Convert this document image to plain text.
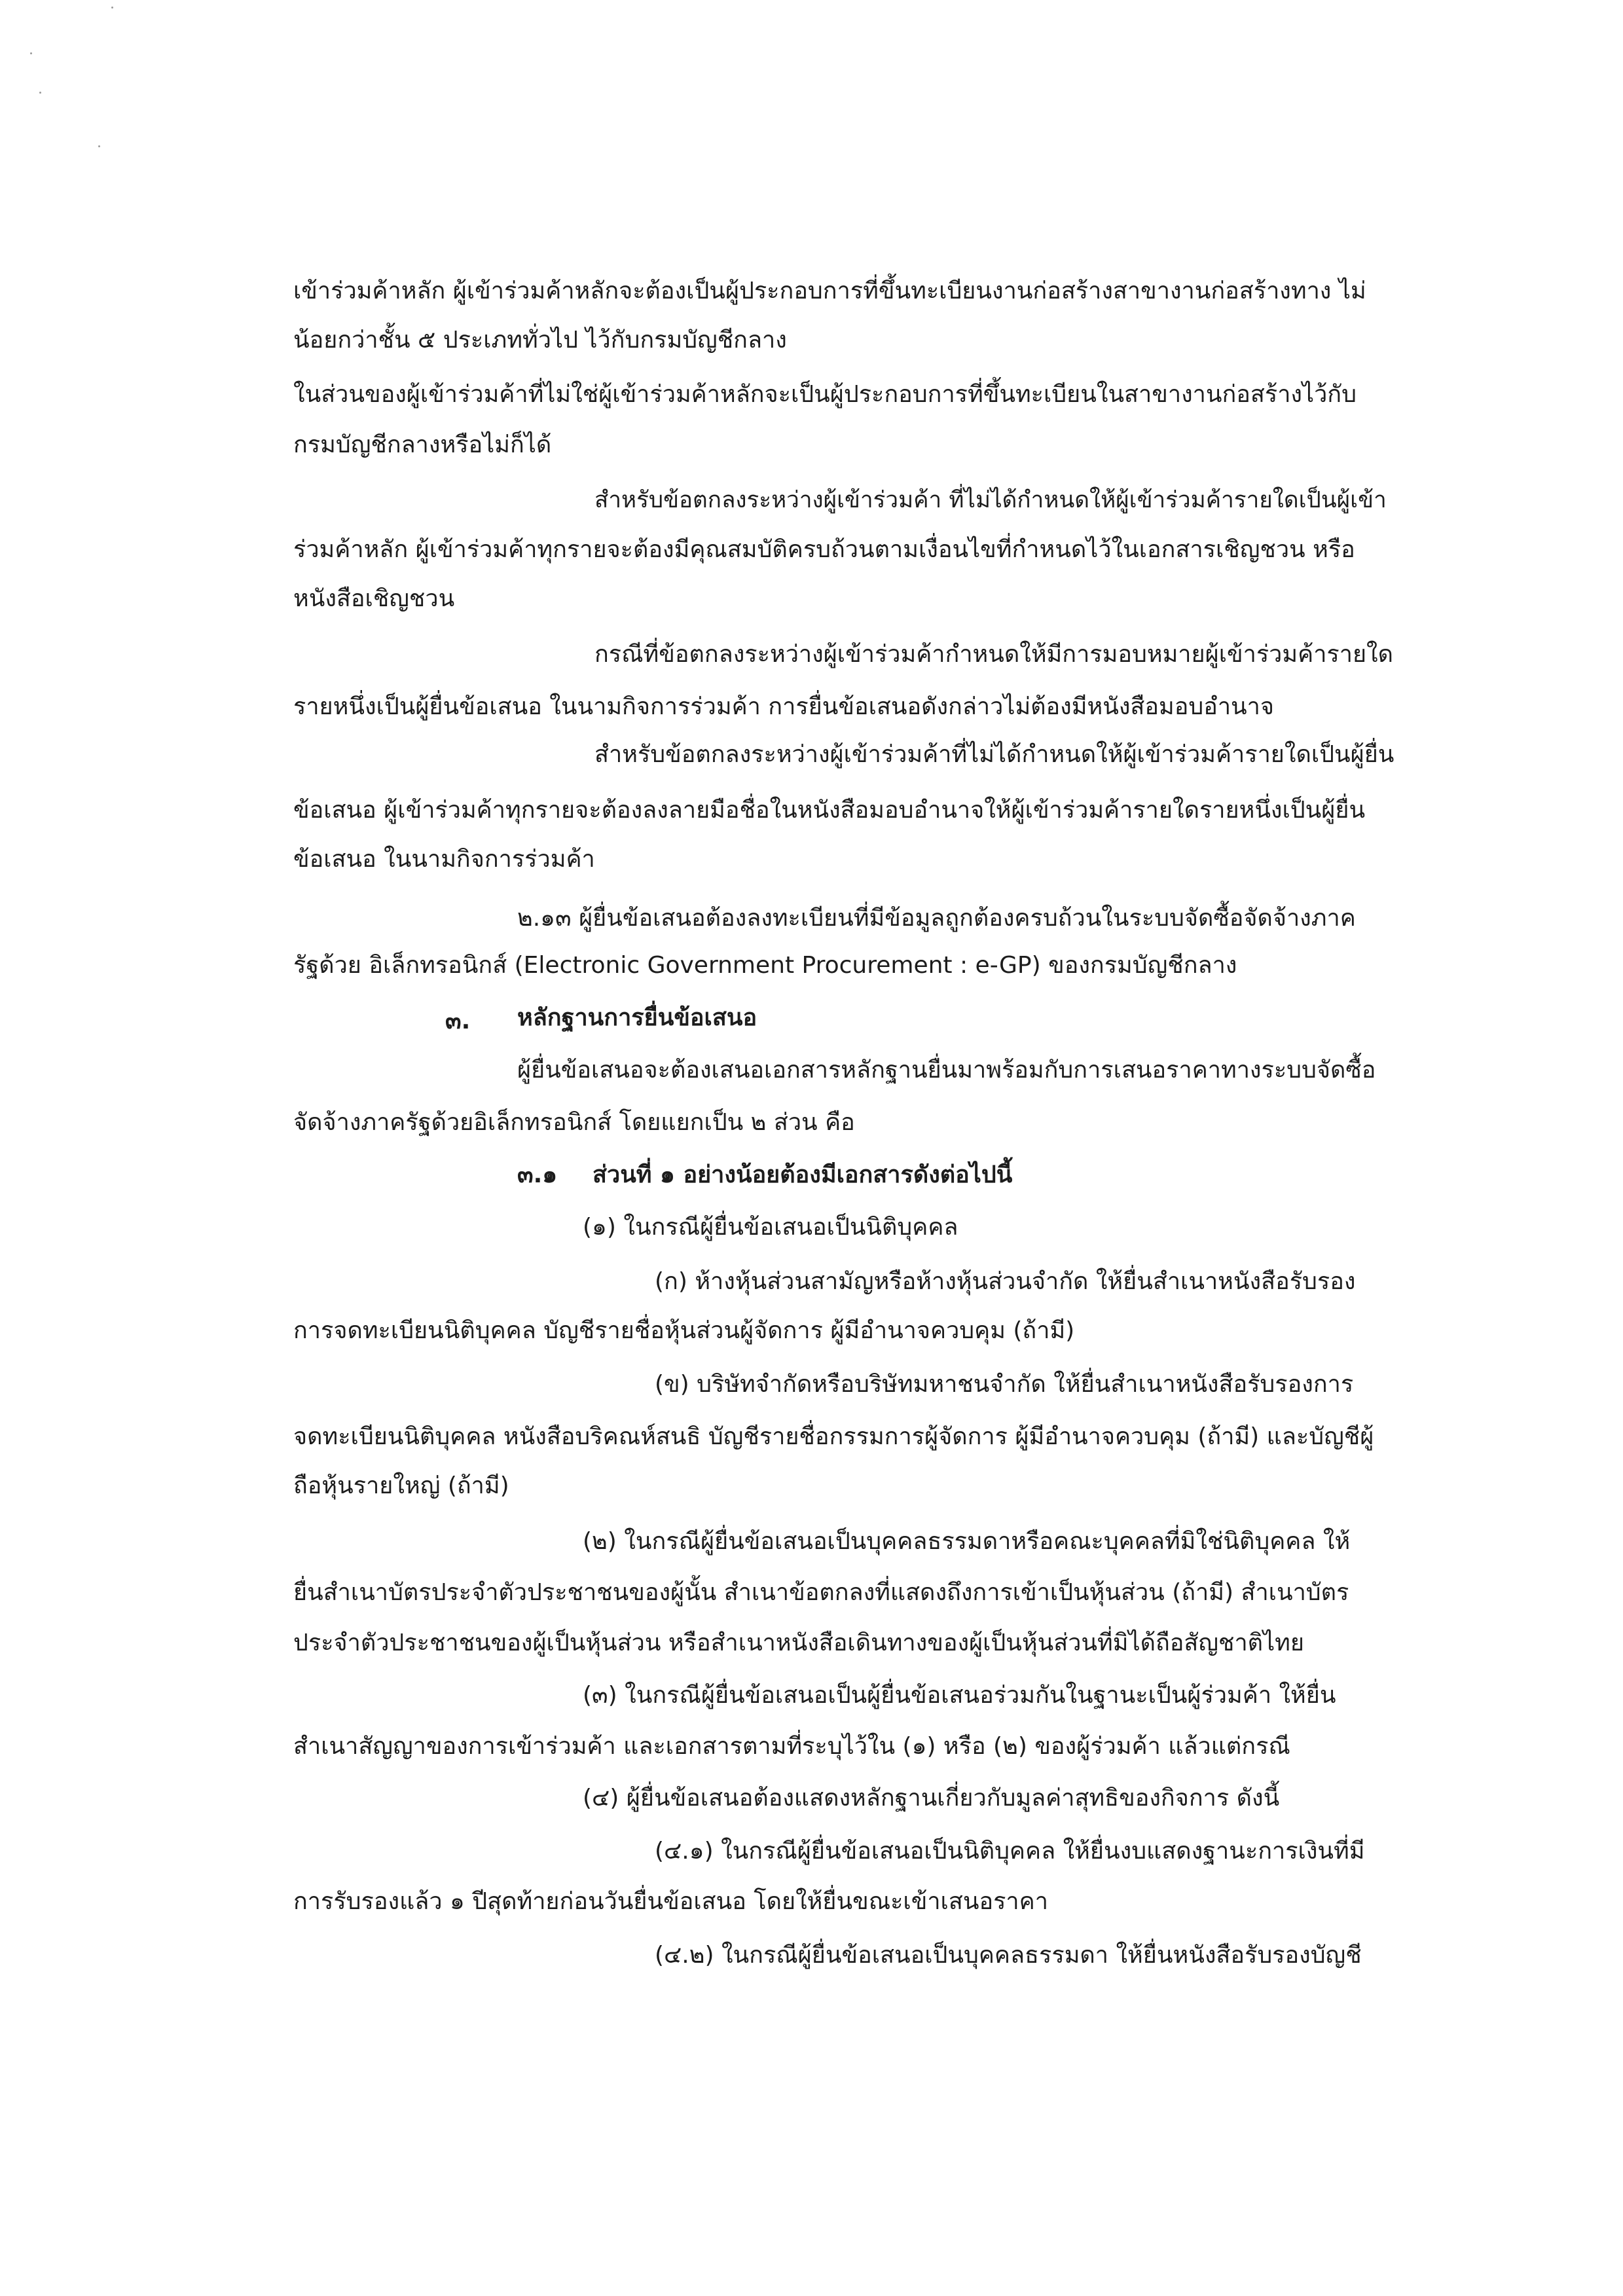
เข้าร่วมค้าหลัก ผู้เข้าร่วมค้าหลักจะต้องเป็นผู้ประกอบการที่ขึ้นทะเบียนงานก่อสร้างสาขางานก่อสร้างทาง ไม่
น้อยกว่าชั้น ๕ ประเภททั่วไป ไว้กับกรมบัญชีกลาง
ในส่วนของผู้เข้าร่วมค้าที่ไม่ใช่ผู้เข้าร่วมค้าหลักจะเป็นผู้ประกอบการที่ขึ้นทะเบียนในสาขางานก่อสร้างไว้กับ
กรมบัญชีกลางหรือไม่ก็ได้
สำหรับข้อตกลงระหว่างผู้เข้าร่วมค้า ที่ไม่ได้กำหนดให้ผู้เข้าร่วมค้ารายใดเป็นผู้เข้า
ร่วมค้าหลัก ผู้เข้าร่วมค้าทุกรายจะต้องมีคุณสมบัติครบถ้วนตามเงื่อนไขที่กำหนดไว้ในเอกสารเชิญชวน หรือ
หนังสือเชิญชวน
กรณีที่ข้อตกลงระหว่างผู้เข้าร่วมค้ากำหนดให้มีการมอบหมายผู้เข้าร่วมค้ารายใด
รายหนึ่งเป็นผู้ยื่นข้อเสนอ ในนามกิจการร่วมค้า การยื่นข้อเสนอดังกล่าวไม่ต้องมีหนังสือมอบอำนาจ
สำหรับข้อตกลงระหว่างผู้เข้าร่วมค้าที่ไม่ได้กำหนดให้ผู้เข้าร่วมค้ารายใดเป็นผู้ยื่น
ข้อเสนอ ผู้เข้าร่วมค้าทุกรายจะต้องลงลายมือชื่อในหนังสือมอบอำนาจให้ผู้เข้าร่วมค้ารายใดรายหนึ่งเป็นผู้ยื่น
ข้อเสนอ ในนามกิจการร่วมค้า
๒.๑๓ ผู้ยื่นข้อเสนอต้องลงทะเบียนที่มีข้อมูลถูกต้องครบถ้วนในระบบจัดซื้อจัดจ้างภาค
รัฐด้วย อิเล็กทรอนิกส์ (Electronic Government Procurement : e-GP) ของกรมบัญชีกลาง
๓. หลักฐานการยื่นข้อเสนอ
ผู้ยื่นข้อเสนอจะต้องเสนอเอกสารหลักฐานยื่นมาพร้อมกับการเสนอราคาทางระบบจัดซื้อ
จัดจ้างภาครัฐด้วยอิเล็กทรอนิกส์ โดยแยกเป็น ๒ ส่วน คือ
๓.๑ ส่วนที่ ๑ อย่างน้อยต้องมีเอกสารดังต่อไปนี้
(๑) ในกรณีผู้ยื่นข้อเสนอเป็นนิติบุคคล
(ก) ห้างหุ้นส่วนสามัญหรือห้างหุ้นส่วนจำกัด ให้ยื่นสำเนาหนังสือรับรอง
การจดทะเบียนนิติบุคคล บัญชีรายชื่อหุ้นส่วนผู้จัดการ ผู้มีอำนาจควบคุม (ถ้ามี)
(ข) บริษัทจำกัดหรือบริษัทมหาชนจำกัด ให้ยื่นสำเนาหนังสือรับรองการ
จดทะเบียนนิติบุคคล หนังสือบริคณห์สนธิ บัญชีรายชื่อกรรมการผู้จัดการ ผู้มีอำนาจควบคุม (ถ้ามี) และบัญชีผู้
ถือหุ้นรายใหญ่ (ถ้ามี)
(๒) ในกรณีผู้ยื่นข้อเสนอเป็นบุคคลธรรมดาหรือคณะบุคคลที่มิใช่นิติบุคคล ให้
ยื่นสำเนาบัตรประจำตัวประชาชนของผู้นั้น สำเนาข้อตกลงที่แสดงถึงการเข้าเป็นหุ้นส่วน (ถ้ามี) สำเนาบัตร
ประจำตัวประชาชนของผู้เป็นหุ้นส่วน หรือสำเนาหนังสือเดินทางของผู้เป็นหุ้นส่วนที่มิได้ถือสัญชาติไทย
(๓) ในกรณีผู้ยื่นข้อเสนอเป็นผู้ยื่นข้อเสนอร่วมกันในฐานะเป็นผู้ร่วมค้า ให้ยื่น
สำเนาสัญญาของการเข้าร่วมค้า และเอกสารตามที่ระบุไว้ใน (๑) หรือ (๒) ของผู้ร่วมค้า แล้วแต่กรณี
(๔) ผู้ยื่นข้อเสนอต้องแสดงหลักฐานเกี่ยวกับมูลค่าสุทธิของกิจการ ดังนี้
(๔.๑) ในกรณีผู้ยื่นข้อเสนอเป็นนิติบุคคล ให้ยื่นงบแสดงฐานะการเงินที่มี
การรับรองแล้ว ๑ ปีสุดท้ายก่อนวันยื่นข้อเสนอ โดยให้ยื่นขณะเข้าเสนอราคา
(๔.๒) ในกรณีผู้ยื่นข้อเสนอเป็นบุคคลธรรมดา ให้ยื่นหนังสือรับรองบัญชี
